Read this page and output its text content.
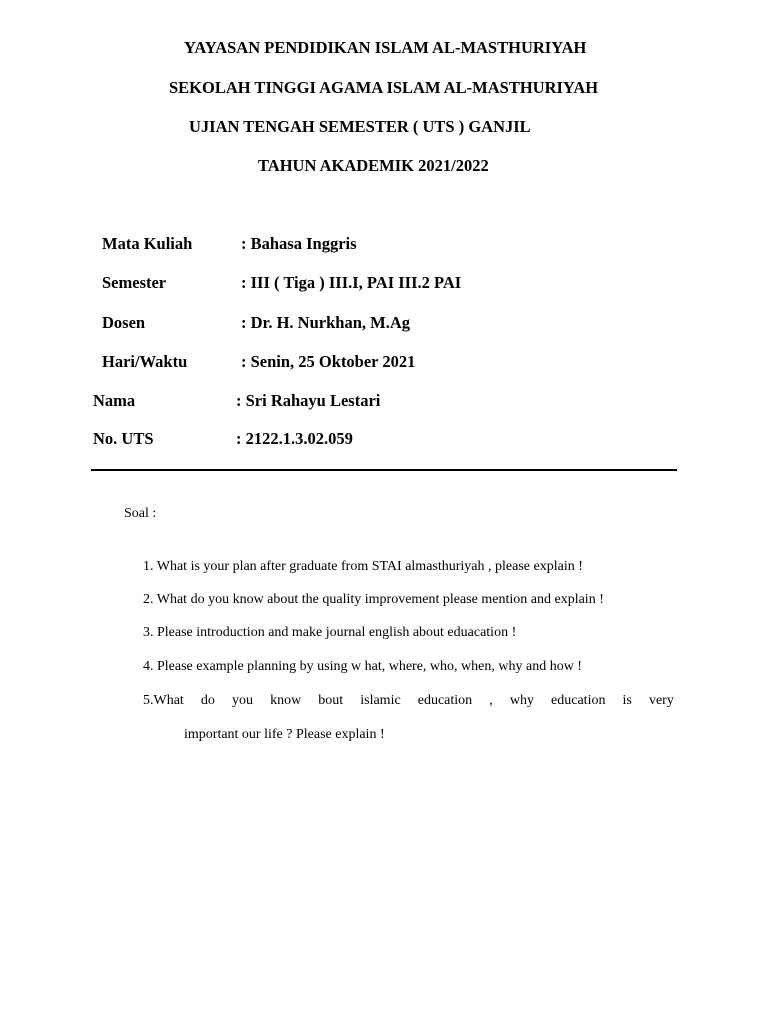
YAYASAN PENDIDIKAN ISLAM AL-MASTHURIYAH
SEKOLAH TINGGI AGAMA ISLAM AL-MASTHURIYAH
UJIAN TENGAH SEMESTER ( UTS ) GANJIL
TAHUN AKADEMIK 2021/2022
Mata Kuliah	: Bahasa Inggris
Semester	: III ( Tiga ) III.I, PAI III.2 PAI
Dosen	: Dr. H. Nurkhan, M.Ag
Hari/Waktu	: Senin, 25 Oktober 2021
Nama	: Sri Rahayu Lestari
No. UTS	: 2122.1.3.02.059
Soal :
1. What is your plan after graduate from STAI almasthuriyah , please explain !
2. What do you know about the quality improvement please mention and explain !
3. Please introduction and make journal english about eduacation !
4. Please example planning by using w hat, where, who, when, why and how !
5.What do you know bout islamic education , why education is very
important our life ? Please explain !
